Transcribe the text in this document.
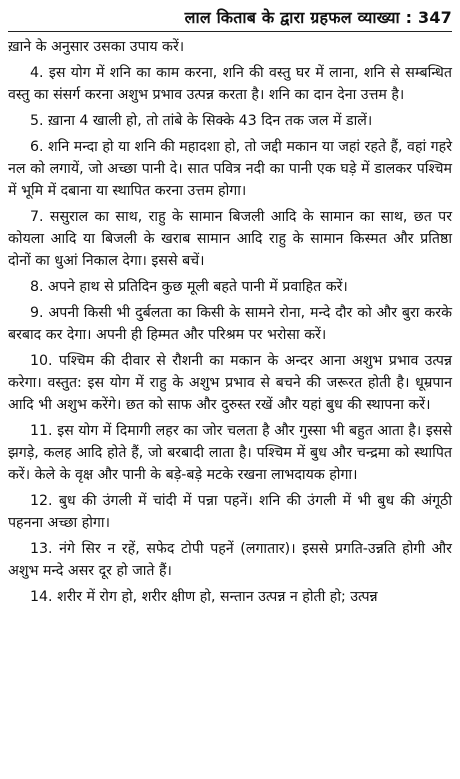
लाल किताब के द्वारा ग्रहफल व्याख्या : 347

ख़ाने के अनुसार उसका उपाय करें।

4. इस योग में शनि का काम करना, शनि की वस्तु घर में लाना, शनि से सम्बन्धित वस्तु का संसर्ग करना अशुभ प्रभाव उत्पन्न करता है। शनि का दान देना उत्तम है।

5. ख़ाना 4 खाली हो, तो तांबे के सिक्के 43 दिन तक जल में डालें।

6. शनि मन्दा हो या शनि की महादशा हो, तो जद्दी मकान या जहां रहते हैं, वहां गहरे नल को लगायें, जो अच्छा पानी दे। सात पवित्र नदी का पानी एक घड़े में डालकर पश्चिम में भूमि में दबाना या स्थापित करना उत्तम होगा।

7. ससुराल का साथ, राहु के सामान बिजली आदि के सामान का साथ, छत पर कोयला आदि या बिजली के खराब सामान आदि राहु के सामान किस्मत और प्रतिष्ठा दोनों का धुआं निकाल देगा। इससे बचें।

8. अपने हाथ से प्रतिदिन कुछ मूली बहते पानी में प्रवाहित करें।

9. अपनी किसी भी दुर्बलता का किसी के सामने रोना, मन्दे दौर को और बुरा करके बरबाद कर देगा। अपनी ही हिम्मत और परिश्रम पर भरोसा करें।

10. पश्चिम की दीवार से रौशनी का मकान के अन्दर आना अशुभ प्रभाव उत्पन्न करेगा। वस्तुत: इस योग में राहु के अशुभ प्रभाव से बचने की जरूरत होती है। धूम्रपान आदि भी अशुभ करेंगे। छत को साफ और दुरुस्त रखें और यहां बुध की स्थापना करें।

11. इस योग में दिमागी लहर का जोर चलता है और गुस्सा भी बहुत आता है। इससे झगड़े, कलह आदि होते हैं, जो बरबादी लाता है। पश्चिम में बुध और चन्द्रमा को स्थापित करें। केले के वृक्ष और पानी के बड़े-बड़े मटके रखना लाभदायक होगा।

12. बुध की उंगली में चांदी में पन्ना पहनें। शनि की उंगली में भी बुध की अंगूठी पहनना अच्छा होगा।

13. नंगे सिर न रहें, सफेद टोपी पहनें (लगातार)। इससे प्रगति-उन्नति होगी और अशुभ मन्दे असर दूर हो जाते हैं।

14. शरीर में रोग हो, शरीर क्षीण हो, सन्तान उत्पन्न न होती हो; उत्पन्न
